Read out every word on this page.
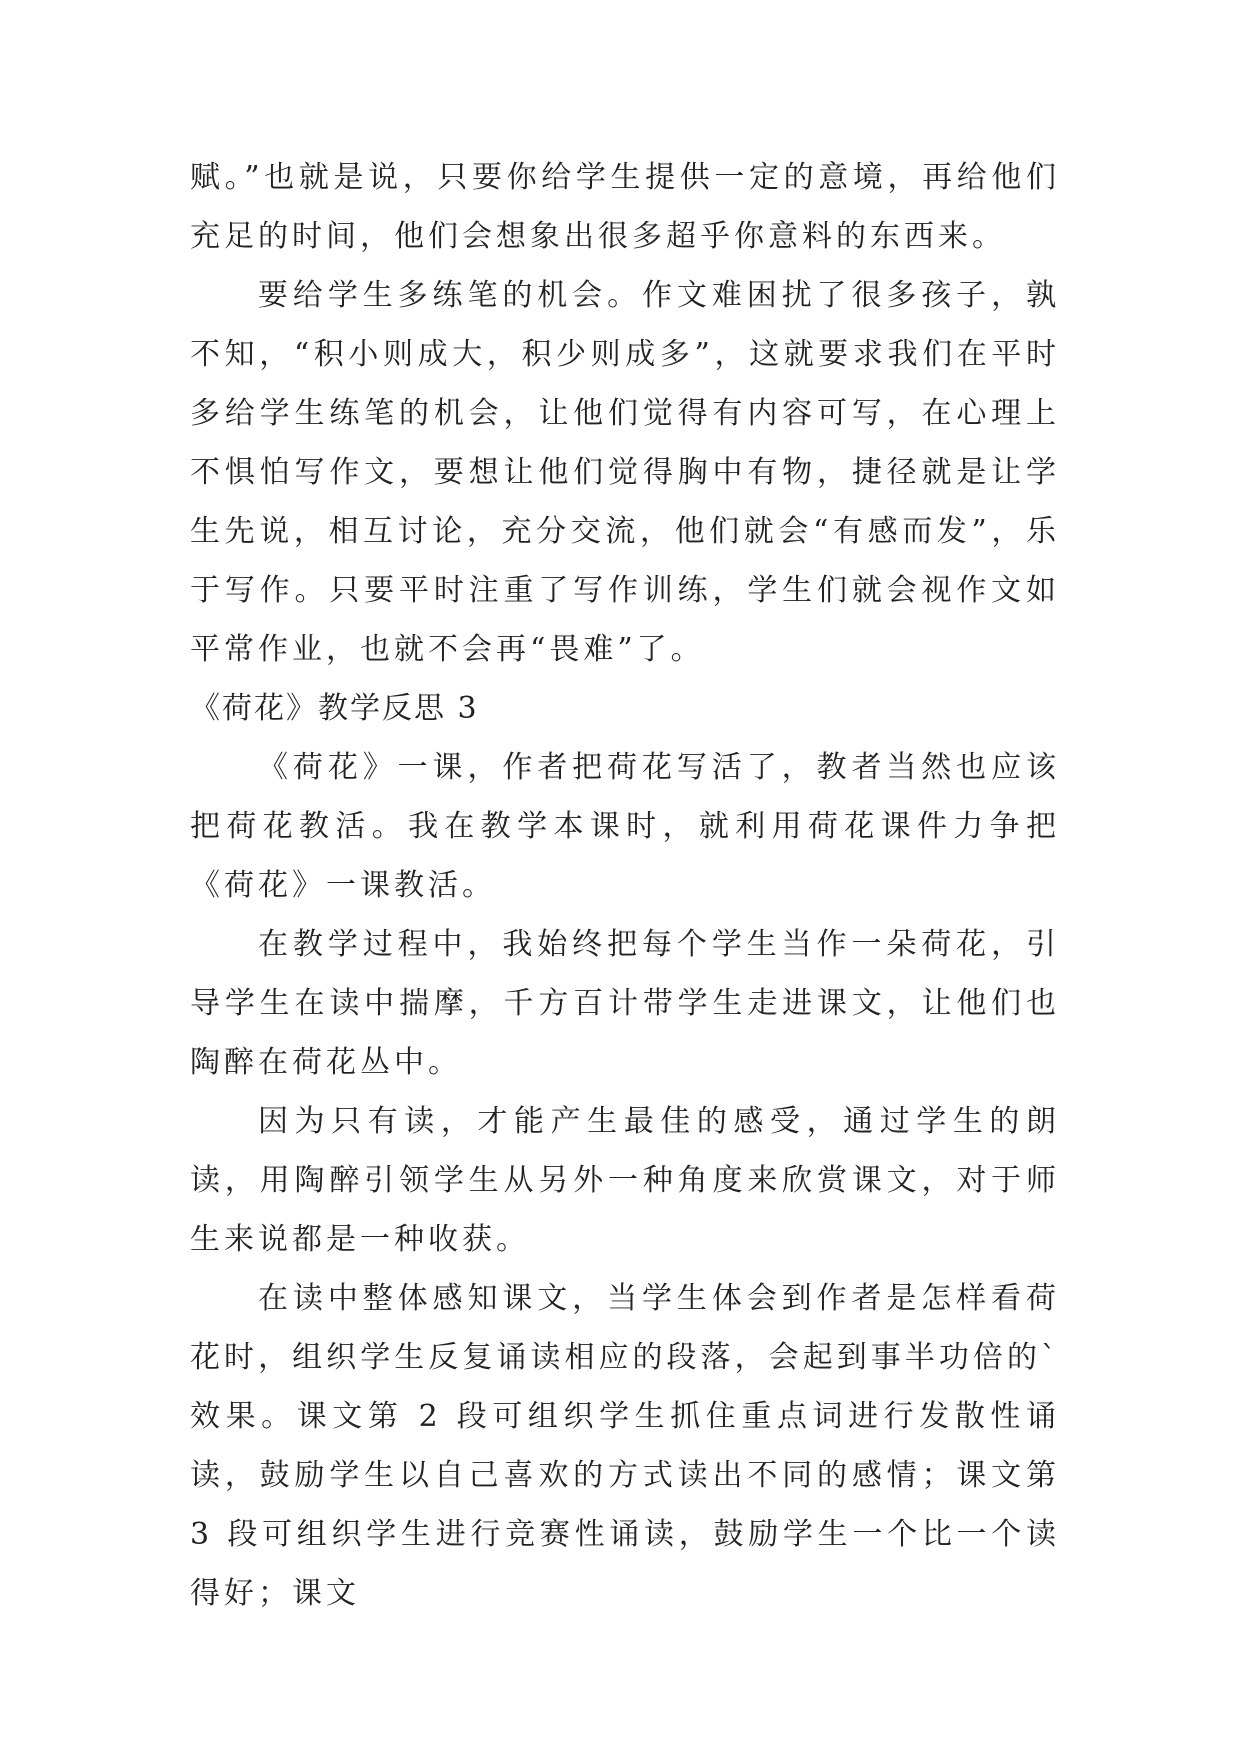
赋。”也就是说，只要你给学生提供一定的意境，再给他们充足的时间，他们会想象出很多超乎你意料的东西来。

要给学生多练笔的机会。作文难困扰了很多孩子，孰不知，“积小则成大，积少则成多”，这就要求我们在平时多给学生练笔的机会，让他们觉得有内容可写，在心理上不惧怕写作文，要想让他们觉得胸中有物，捷径就是让学生先说，相互讨论，充分交流，他们就会“有感而发”，乐于写作。只要平时注重了写作训练，学生们就会视作文如平常作业，也就不会再“畏难”了。

《荷花》教学反思 3

《荷花》一课，作者把荷花写活了，教者当然也应该把荷花教活。我在教学本课时，就利用荷花课件力争把《荷花》一课教活。

在教学过程中，我始终把每个学生当作一朵荷花，引导学生在读中揣摩，千方百计带学生走进课文，让他们也陶醉在荷花丛中。

因为只有读，才能产生最佳的感受，通过学生的朗读，用陶醉引领学生从另外一种角度来欣赏课文，对于师生来说都是一种收获。

在读中整体感知课文，当学生体会到作者是怎样看荷花时，组织学生反复诵读相应的段落，会起到事半功倍的`效果。课文第 2 段可组织学生抓住重点词进行发散性诵读，鼓励学生以自己喜欢的方式读出不同的感情；课文第 3 段可组织学生进行竞赛性诵读，鼓励学生一个比一个读得好；课文
